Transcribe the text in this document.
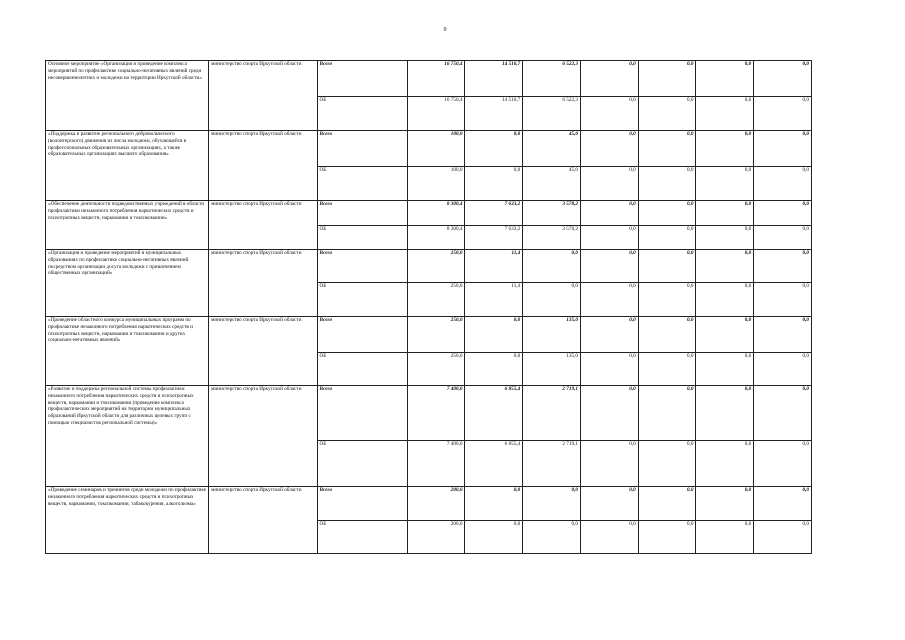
9
Основное мероприятие «Организация и проведение комплекса мероприятий по профилактике социально-негативных явлений среди несовершеннолетних и молодежи на территории Иркутской области»	министерство спорта Иркутской области	Всего	16 750,4	14 510,7	6 522,3	0,0	0,0	0,0	0,0
		ОБ	16 750,4	14 510,7	6 522,3	0,0	0,0	0,0	0,0
«Поддержка и развитие регионального добровольческого (волонтерского) движения из числа молодежи, обучающейся в профессиональных образовательных организациях, а также образовательных организациях высшего образования»	министерство спорта Иркутской области	Всего	100,0	0,0	45,0	0,0	0,0	0,0	0,0
		ОБ	100,0	0,0	45,0	0,0	0,0	0,0	0,0
«Обеспечение деятельности подведомственных учреждений в области профилактики незаконного потребления наркотических средств и психотропных веществ, наркомании и токсикомании»	министерство спорта Иркутской области	Всего	8 300,4	7 633,2	3 578,2	0,0	0,0	0,0	0,0
		ОБ	8 300,4	7 633,2	3 578,2	0,0	0,0	0,0	0,0
«Организация и проведение мероприятий в муниципальных образованиях по профилактике социально-негативных явлений посредством организации досуга молодежи с привлечением общественных организаций»	министерство спорта Иркутской области	Всего	250,0	11,4	0,0	0,0	0,0	0,0	0,0
		ОБ	250,0	11,4	0,0	0,0	0,0	0,0	0,0
«Проведение областного конкурса муниципальных программ по профилактике незаконного потребления наркотических средств и психотропных веществ, наркомании и токсикомании и других социально-негативных явлений»	министерство спорта Иркутской области	Всего	250,0	0,0	135,0	0,0	0,0	0,0	0,0
		ОБ	250,0	0,0	135,0	0,0	0,0	0,0	0,0
«Развитие и поддержка региональной системы профилактики незаконного потребления наркотических средств и психотропных веществ, наркомании и токсикомании (проведение комплекса профилактических мероприятий на территории муниципальных образований Иркутской области для различных целевых групп с помощью специалистов региональной системы)»	министерство спорта Иркутской области	Всего	7 400,0	6 855,4	2 719,1	0,0	0,0	0,0	0,0
		ОБ	7 400,0	6 855,4	2 719,1	0,0	0,0	0,0	0,0
«Проведение семинаров и тренингов среди молодежи по профилактике незаконного потребления наркотических средств и психотропных веществ, наркомании, токсикомании, табакокурения, алкоголизма»	министерство спорта Иркутской области	Всего	200,0	0,0	0,0	0,0	0,0	0,0	0,0
		ОБ	200,0	0,0	0,0	0,0	0,0	0,0	0,0
